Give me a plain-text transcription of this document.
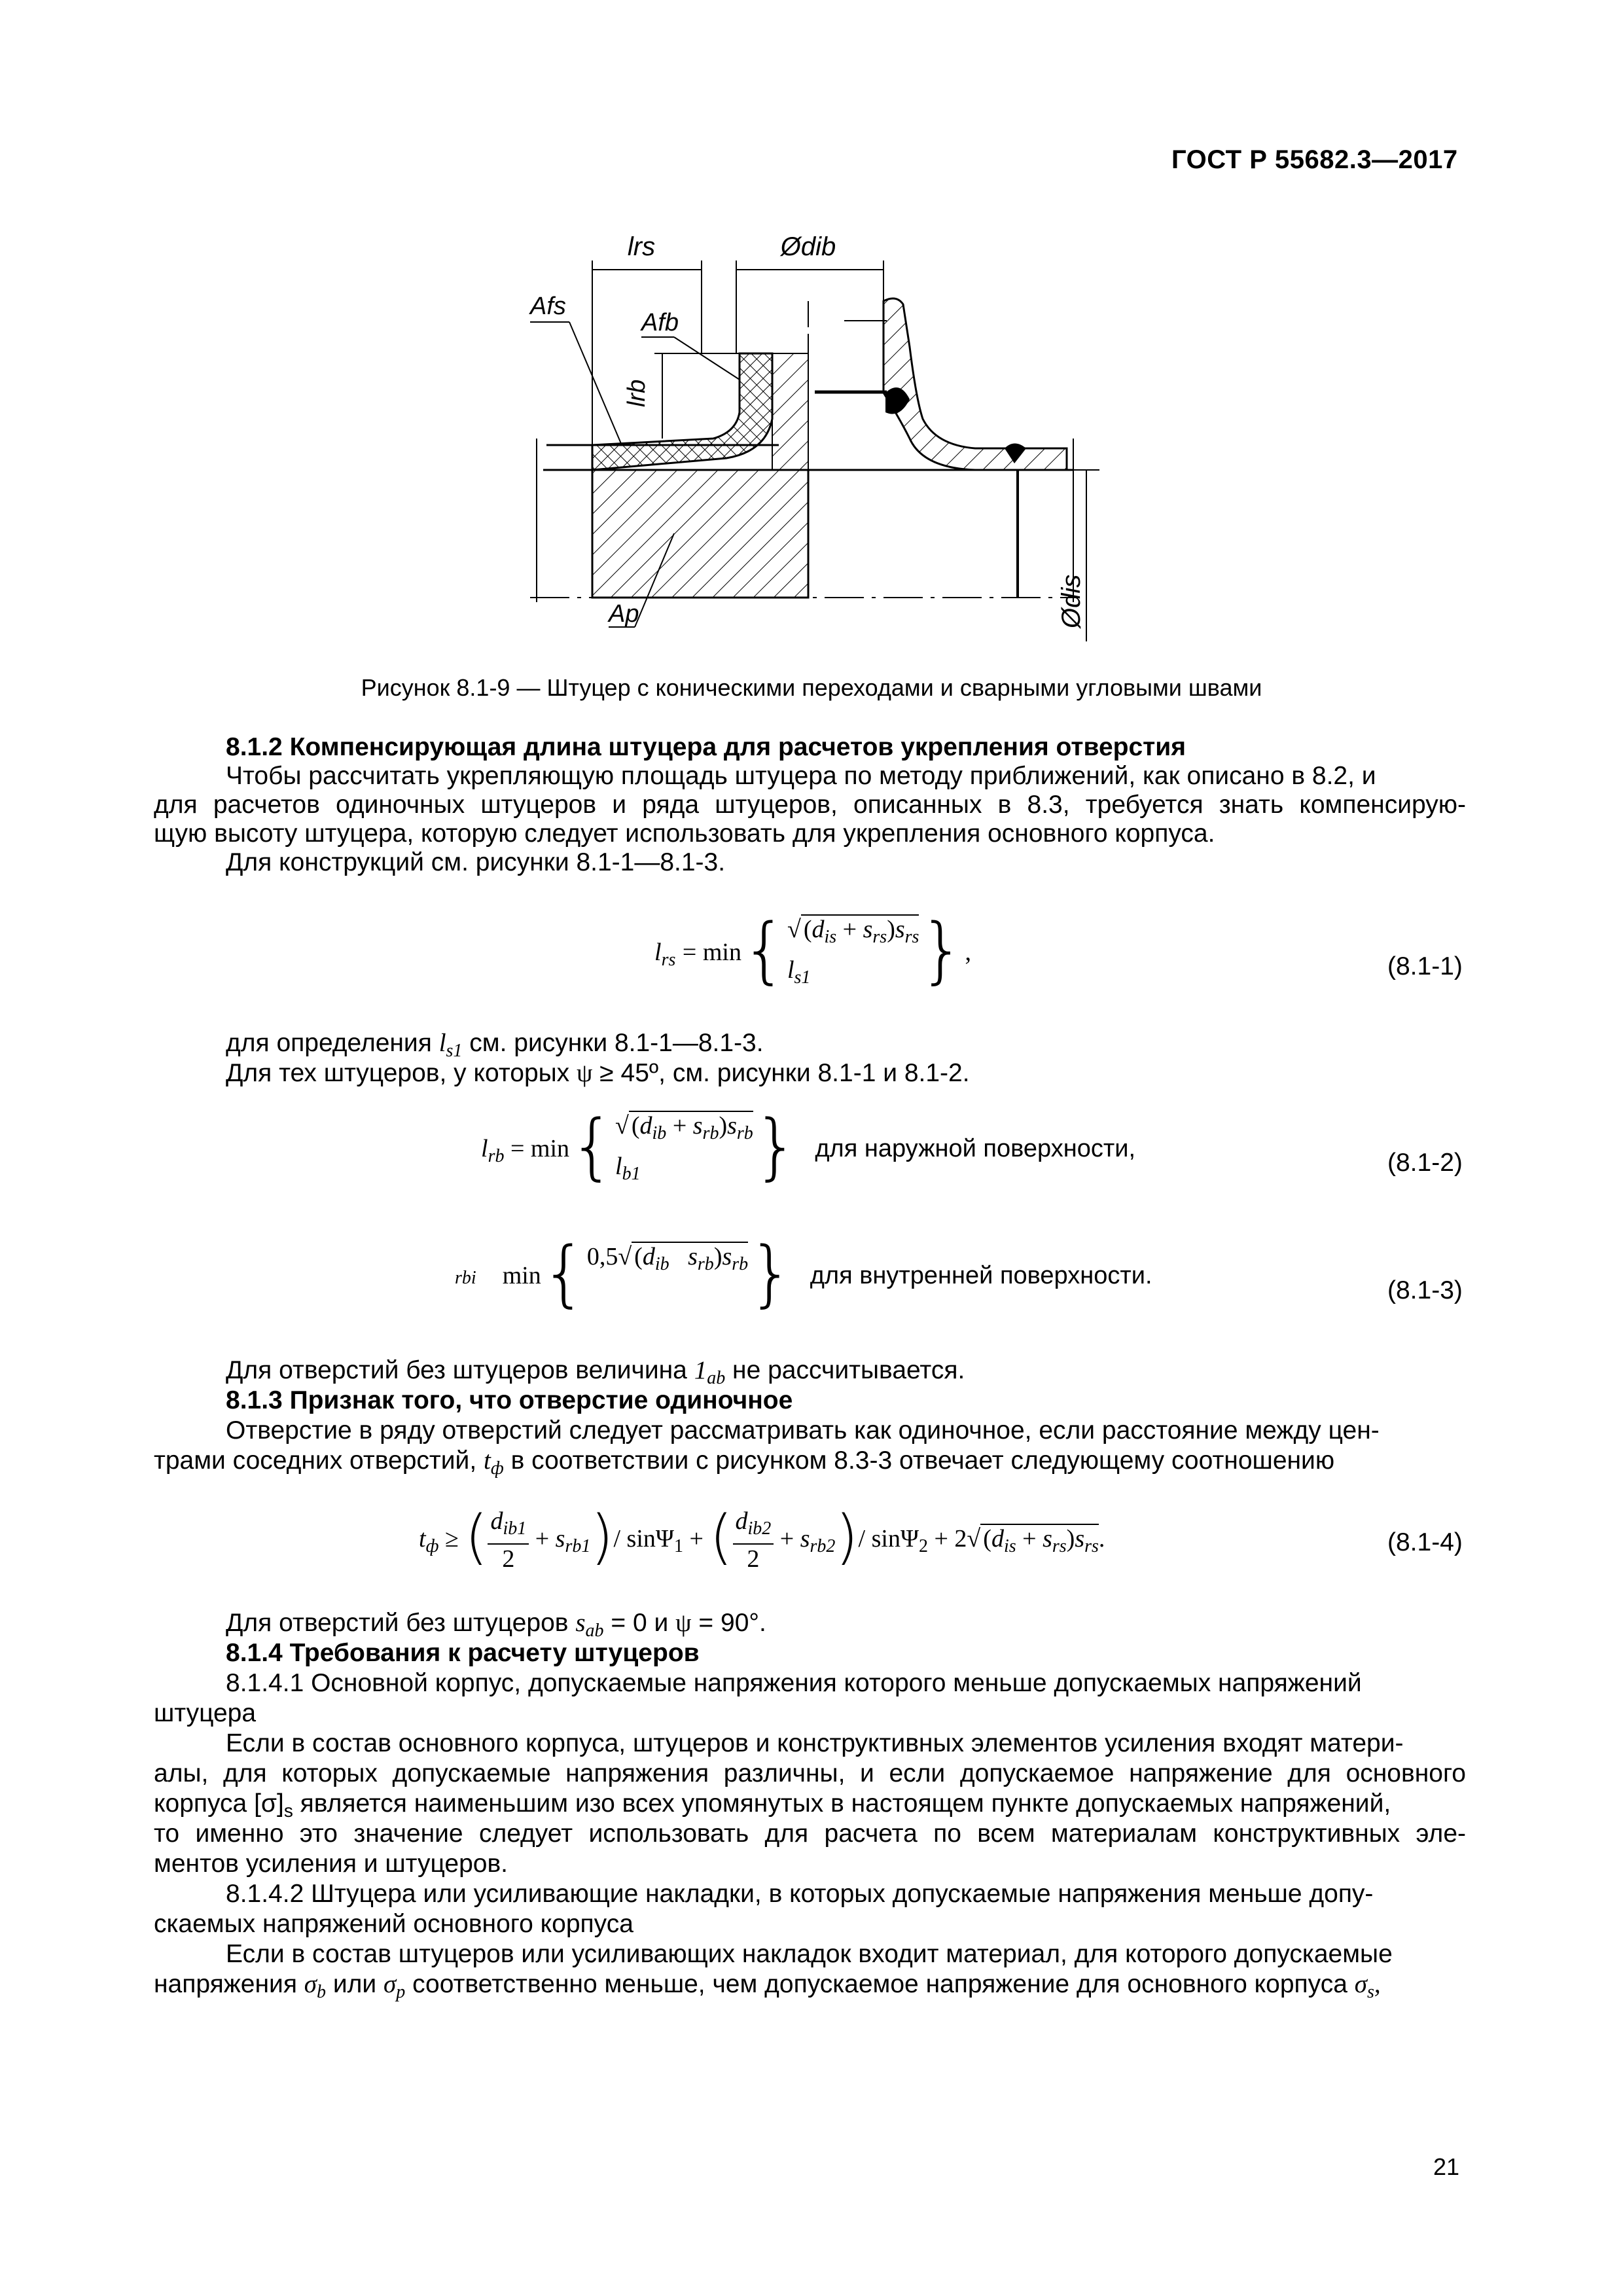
ГОСТ Р 55682.3—2017
lrs	Ødib
Afs
Afb
lrb
Ap	Ødis
Рисунок 8.1-9 — Штуцер с коническими переходами и сварными угловыми швами
8.1.2 Компенсирующая длина штуцера для расчетов укрепления отверстия
Чтобы рассчитать укрепляющую площадь штуцера по методу приближений, как описано в 8.2, и
для расчетов одиночных штуцеров и ряда штуцеров, описанных в 8.3, требуется знать компенсирую-
щую высоту штуцера, которую следует использовать для укрепления основного корпуса.
Для конструкций см. рисунки 8.1-1—8.1-3.
$l_{rs} = \min\{√$ $(d_{is} + s_{rs})s_{rs}$
$l_{s1}$ },	(8.1-1)
для определения $l_{s1}$ см. рисунки 8.1-1—8.1-3.
Для тех штуцеров, у которых ψ ≥ 45º, см. рисунки 8.1-1 и 8.1-2.
$l_{rb} = \min\{√$ $(d_{ib} + s_{rb})s_{rb}$
$l_{b1}$ } для наружной поверхности,	(8.1-2)
rbi min{0,5√ ($d_{ib}$ $s_{rb})s_{rb}$
} для внутренней поверхности.
(8.1-3)
Для отверстий без штуцеров величина $1_{ab}$ не рассчитывается.
8.1.3 Признак того, что отверстие одиночное
Отверстие в ряду отверстий следует рассматривать как одиночное, если расстояние между цен-
трами соседних отверстий, $t_ф$ в соответствии с рисунком 8.3-3 отвечает следующему соотношению
$t_ф$ ≥ ( $d_{ib1}$
2
+ $s_{rb1})/$ sinΨ$_1$ + ( $d_{ib2}$
2
+ $s_{rb2})/$ sinΨ$_2$ + 2√ $(d_{is} + s_{rs})s_{rs}$.	(8.1-4)
Для отверстий без штуцеров $s_{ab} = 0$ и ψ = 90°.
8.1.4 Требования к расчету штуцеров
8.1.4.1 Основной корпус, допускаемые напряжения которого меньше допускаемых напряжений
штуцера
Если в состав основного корпуса, штуцеров и конструктивных элементов усиления входят матери-
алы, для которых допускаемые напряжения различны, и если допускаемое напряжение для основного
корпуса $[\sigma]_s$ является наименьшим изо всех упомянутых в настоящем пункте допускаемых напряжений,
то именно это значение следует использовать для расчета по всем материалам конструктивных эле-
ментов усиления и штуцеров.
8.1.4.2 Штуцера или усиливающие накладки, в которых допускаемые напряжения меньше допу-
скаемых напряжений основного корпуса
Если в состав штуцеров или усиливающих накладок входит материал, для которого допускаемые
напряжения $\sigma_b$ или $\sigma_p$ соответственно меньше, чем допускаемое напряжение для основного корпуса $\sigma_s$,
21
